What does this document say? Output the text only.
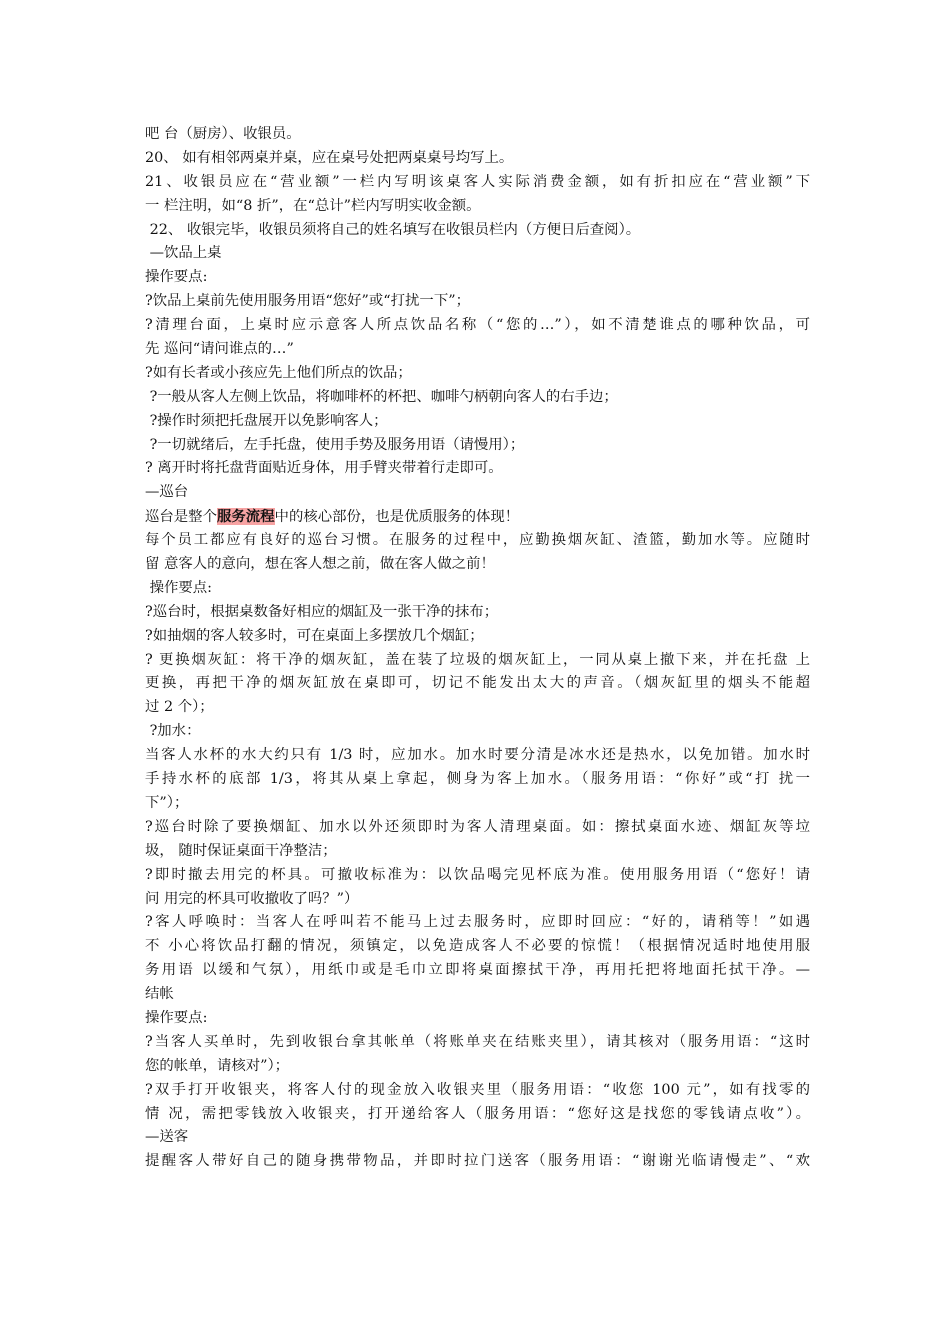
吧 台（厨房）、收银员。
20、 如有相邻两桌并桌，应在桌号处把两桌桌号均写上。
21、收银员应在“营业额”一栏内写明该桌客人实际消费金额，如有折扣应在“营业额”下
一 栏注明，如“8 折”，在“总计”栏内写明实收金额。
22、 收银完毕，收银员须将自己的姓名填写在收银员栏内（方便日后查阅）。
—饮品上桌
操作要点:
?饮品上桌前先使用服务用语“您好”或“打扰一下”；
?清理台面，上桌时应示意客人所点饮品名称（“您的…”），如不清楚谁点的哪种饮品，可
先 巡问“请问谁点的…”
?如有长者或小孩应先上他们所点的饮品；
?一般从客人左侧上饮品，将咖啡杯的杯把、咖啡勺柄朝向客人的右手边；
?操作时须把托盘展开以免影响客人；
?一切就绪后，左手托盘，使用手势及服务用语（请慢用）；
? 离开时将托盘背面贴近身体，用手臂夹带着行走即可。
—巡台
巡台是整个服务流程中的核心部份，也是优质服务的体现！
每个员工都应有良好的巡台习惯。在服务的过程中，应勤换烟灰缸、渣篮，勤加水等。应随时
留 意客人的意向，想在客人想之前，做在客人做之前！
操作要点:
?巡台时，根据桌数备好相应的烟缸及一张干净的抹布；
?如抽烟的客人较多时，可在桌面上多摆放几个烟缸；
? 更换烟灰缸：将干净的烟灰缸，盖在装了垃圾的烟灰缸上，一同从桌上撤下来，并在托盘 上
更换，再把干净的烟灰缸放在桌即可，切记不能发出太大的声音。（烟灰缸里的烟头不能超
过 2 个）；
?加水：
当客人水杯的水大约只有 1/3 时，应加水。加水时要分清是冰水还是热水，以免加错。加水时
手持水杯的底部 1/3，将其从桌上拿起，侧身为客上加水。（服务用语：“你好”或“打 扰一
下”）；
?巡台时除了要换烟缸、加水以外还须即时为客人清理桌面。如：擦拭桌面水迹、烟缸灰等垃
圾， 随时保证桌面干净整洁；
?即时撤去用完的杯具。可撤收标准为：以饮品喝完见杯底为准。使用服务用语（“您好！请
问 用完的杯具可收撤收了吗？”）
?客人呼唤时：当客人在呼叫若不能马上过去服务时，应即时回应：“好的，请稍等！”如遇
不 小心将饮品打翻的情况，须镇定，以免造成客人不必要的惊慌！（根据情况适时地使用服
务用语 以缓和气氛），用纸巾或是毛巾立即将桌面擦拭干净，再用托把将地面托拭干净。—
结帐
操作要点:
?当客人买单时，先到收银台拿其帐单（将账单夹在结账夹里），请其核对（服务用语：“这时
您的帐单，请核对”）；
?双手打开收银夹，将客人付的现金放入收银夹里（服务用语：“收您 100 元”，如有找零的
情 况，需把零钱放入收银夹，打开递给客人（服务用语：“您好这是找您的零钱请点收”）。
—送客
提醒客人带好自己的随身携带物品，并即时拉门送客（服务用语：“谢谢光临请慢走”、“欢
